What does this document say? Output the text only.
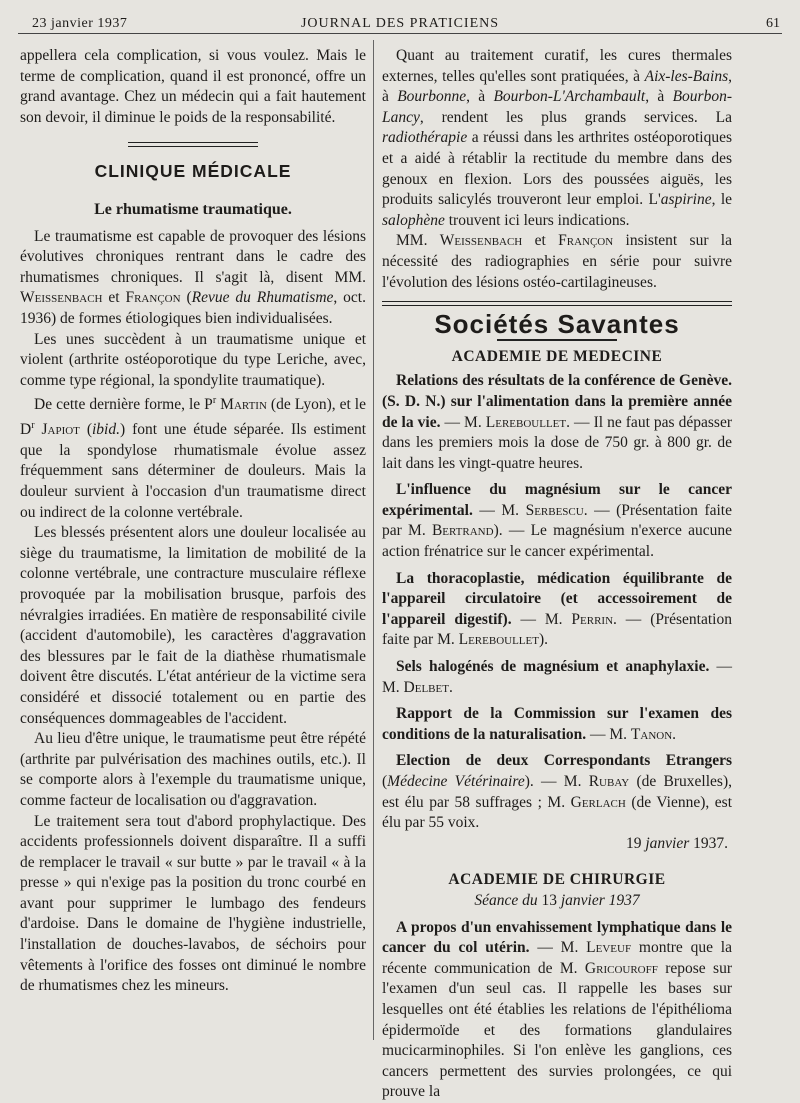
23 janvier 1937	JOURNAL DES PRATICIENS	61

appellera cela complication, si vous voulez. Mais le terme de complication, quand il est prononcé, offre un grand avantage. Chez un médecin qui a fait hautement son devoir, il diminue le poids de la responsabilité.

CLINIQUE MÉDICALE
Le rhumatisme traumatique.

Le traumatisme est capable de provoquer des lésions évolutives chroniques rentrant dans le cadre des rhumatismes chroniques. Il s'agit là, disent MM. Weissenbach et Françon (Revue du Rhumatisme, oct. 1936) de formes étiologiques bien individualisées.

Les unes succèdent à un traumatisme unique et violent (arthrite ostéoporotique du type Leriche, avec, comme type régional, la spondylite traumatique).

De cette dernière forme, le $P^r$ Martin (de Lyon), et le $D^r$ Japiot (ibid.) font une étude séparée. Ils estiment que la spondylose rhumatismale évolue assez fréquemment sans déterminer de douleurs. Mais la douleur survient à l'occasion d'un traumatisme direct ou indirect de la colonne vertébrale.

Les blessés présentent alors une douleur localisée au siège du traumatisme, la limitation de mobilité de la colonne vertébrale, une contracture musculaire réflexe provoquée par la mobilisation brusque, parfois des névralgies irradiées. En matière de responsabilité civile (accident d'automobile), les caractères d'aggravation des blessures par le fait de la diathèse rhumatismale doivent être discutés. L'état antérieur de la victime sera considéré et dissocié totalement ou en partie des conséquences dommageables de l'accident.

Au lieu d'être unique, le traumatisme peut être répété (arthrite par pulvérisation des machines outils, etc.). Il se comporte alors à l'exemple du traumatisme unique, comme facteur de localisation ou d'aggravation.

Le traitement sera tout d'abord prophylactique. Des accidents professionnels doivent disparaître. Il a suffi de remplacer le travail « sur butte » par le travail « à la presse » qui n'exige pas la position du tronc courbé en avant pour supprimer le lumbago des fendeurs d'ardoise. Dans le domaine de l'hygiène industrielle, l'installation de douches-lavabos, de séchoirs pour vêtements à l'orifice des fosses ont diminué le nombre de rhumatismes chez les mineurs.

Quant au traitement curatif, les cures thermales externes, telles qu'elles sont pratiquées, à Aix-les-Bains, à Bourbonne, à Bourbon-L'Archambault, à Bourbon-Lancy, rendent les plus grands services. La radiothérapie a réussi dans les arthrites ostéoporotiques et a aidé à rétablir la rectitude du membre dans des genoux en flexion. Lors des poussées aiguës, les produits salicylés trouveront leur emploi. L'aspirine, le salophène trouvent ici leurs indications.

MM. Weissenbach et Françon insistent sur la nécessité des radiographies en série pour suivre l'évolution des lésions ostéo-cartilagineuses.

Sociétés Savantes
ACADEMIE DE MEDECINE

Relations des résultats de la conférence de Genève. (S. D. N.) sur l'alimentation dans la première année de la vie. — M. Lereboullet. — Il ne faut pas dépasser dans les premiers mois la dose de 750 gr. à 800 gr. de lait dans les vingt-quatre heures.

L'influence du magnésium sur le cancer expérimental. — M. Serbescu. — (Présentation faite par M. Bertrand). — Le magnésium n'exerce aucune action frénatrice sur le cancer expérimental.

La thoracoplastie, médication équilibrante de l'appareil circulatoire (et accessoirement de l'appareil digestif). — M. Perrin. — (Présentation faite par M. Lereboullet).

Sels halogénés de magnésium et anaphylaxie. — M. Delbet.

Rapport de la Commission sur l'examen des conditions de la naturalisation. — M. Tanon.

Election de deux Correspondants Etrangers (Médecine Vétérinaire). — M. Rubay (de Bruxelles), est élu par 58 suffrages ; M. Gerlach (de Vienne), est élu par 55 voix.

19 janvier 1937.

ACADEMIE DE CHIRURGIE
Séance du 13 janvier 1937

A propos d'un envahissement lymphatique dans le cancer du col utérin. — M. Leveuf montre que la récente communication de M. Gricouroff repose sur l'examen d'un seul cas. Il rappelle les bases sur lesquelles ont été établies les relations de l'épithélioma épidermoïde et des formations glandulaires mucicarminophiles. Si l'on enlève les ganglions, ces cancers permettent des survies prolongées, ce qui prouve la
